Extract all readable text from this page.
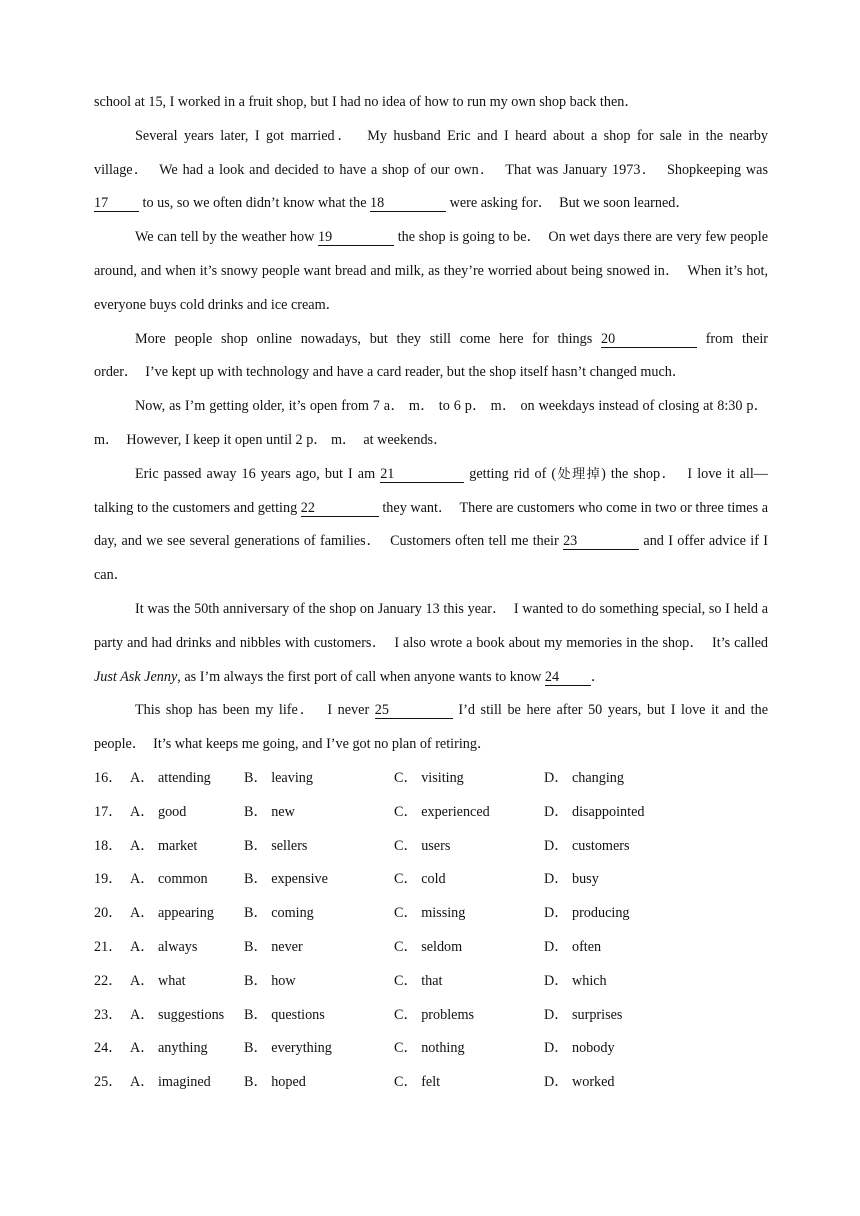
school at 15, I worked in a fruit shop, but I had no idea of how to run my own shop back then．

Several years later, I got married．  My husband Eric and I heard about a shop for sale in the nearby village．  We had a look and decided to have a shop of our own．  That was January 1973．  Shopkeeping was 17 to us, so we often didn’t know what the 18	were asking for．  But we soon learned．

We can tell by the weather how 19	the shop is going to be．  On wet days there are very few people around, and when it’s snowy people want bread and milk, as they’re worried about being snowed in．  When it’s hot, everyone buys cold drinks and ice cream．

More people shop online nowadays, but they still come here for things 20	from their order．  I’ve kept up with technology and have a card reader, but the shop itself hasn’t changed much．

Now, as I’m getting older, it’s open from 7 a． m． to 6 p． m． on weekdays instead of closing at 8:30 p． m．  However, I keep it open until 2 p． m．  at weekends．

Eric passed away 16 years ago, but I am 21	getting rid of (处理掉) the shop．  I love it all—talking to the customers and getting 22	they want．  There are customers who come in two or three times a day, and we see several generations of families．  Customers often tell me their 23	and I offer advice if I can．

It was the 50th anniversary of the shop on January 13 this year．  I wanted to do something special, so I held a party and had drinks and nibbles with customers．  I also wrote a book about my memories in the shop．  It’s called Just Ask Jenny, as I’m always the first port of call when anyone wants to know 24 ．

This shop has been my life．  I never 25	I’d still be here after 50 years, but I love it and the people．  It’s what keeps me going, and I’ve got no plan of retiring．

16． A． attending	B． leaving	C． visiting	D． changing
17． A． good	B． new	C． experienced	D． disappointed
18． A． market	B． sellers	C． users	D． customers
19． A． common	B． expensive	C． cold	D． busy
20． A． appearing	B． coming	C． missing	D． producing
21． A． always	B． never	C． seldom	D． often
22． A． what	B． how	C． that	D． which
23． A． suggestions	B． questions	C． problems	D． surprises
24． A． anything	B． everything	C． nothing	D． nobody
25． A． imagined	B． hoped	C． felt	D． worked
